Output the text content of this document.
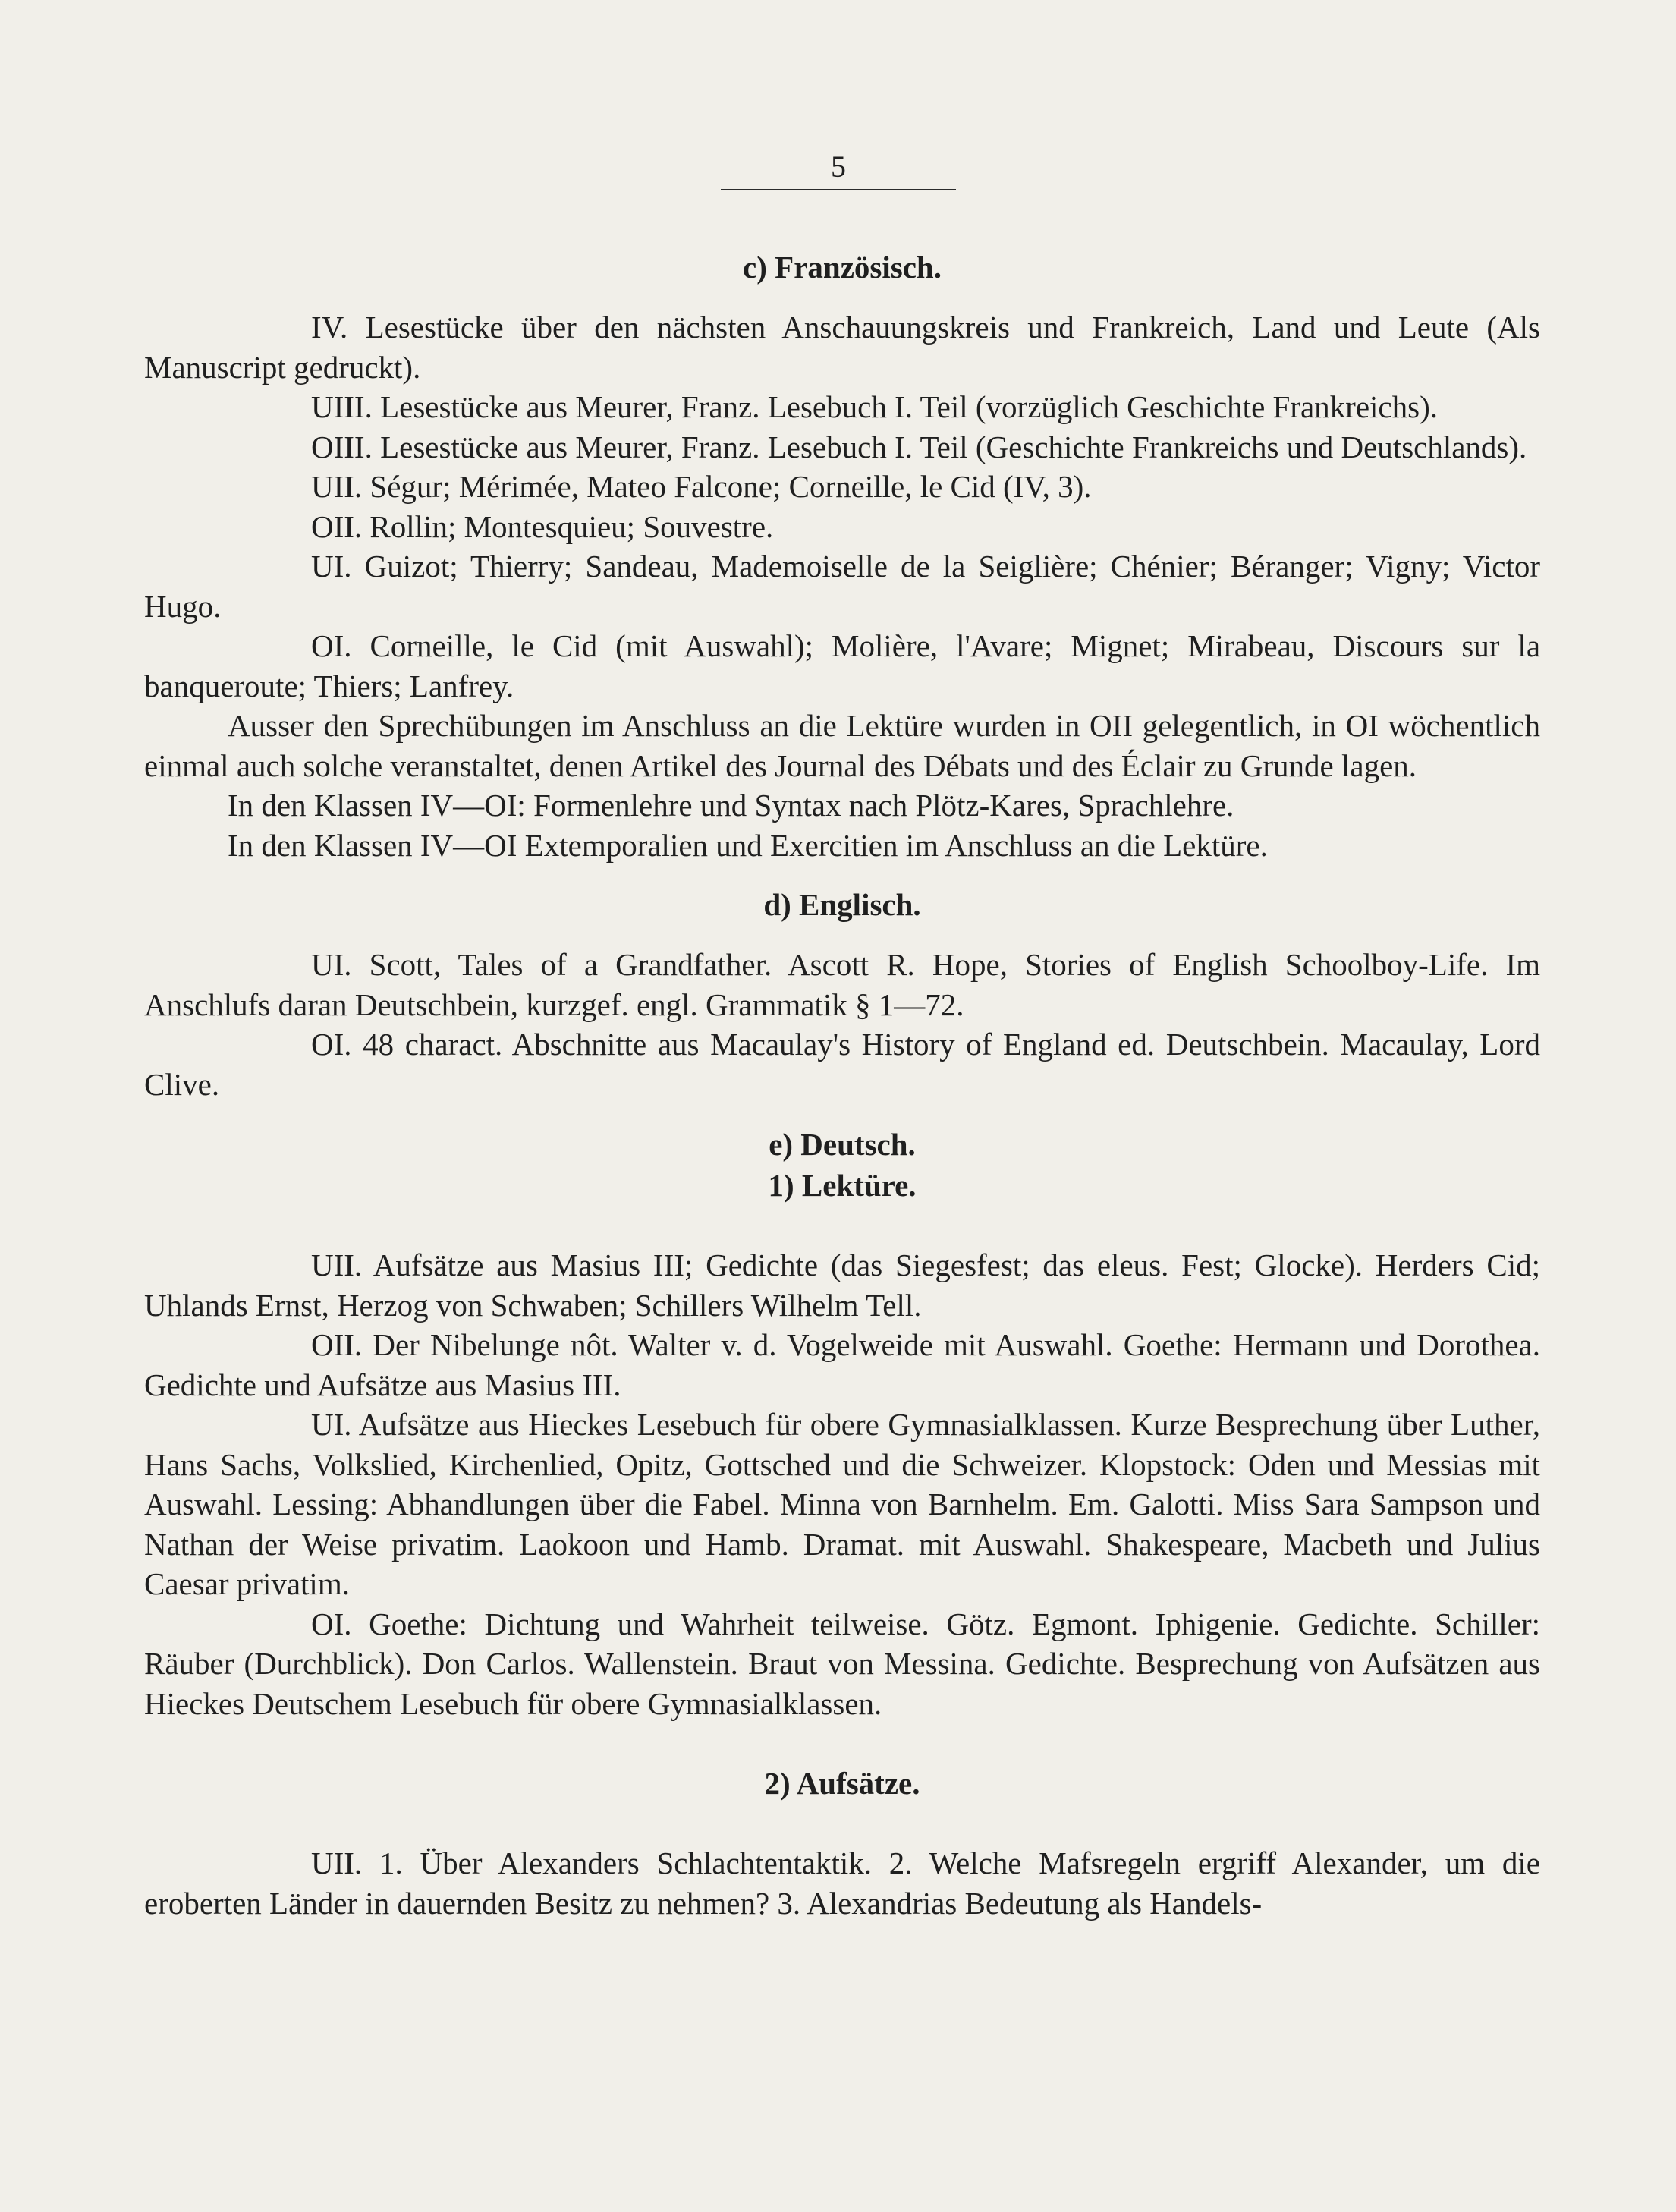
5
c) Französisch.

IV. Lesestücke über den nächsten Anschauungskreis und Frankreich, Land und Leute (Als Manuscript gedruckt).

UIII. Lesestücke aus Meurer, Franz. Lesebuch I. Teil (vorzüglich Geschichte Frankreichs).

OIII. Lesestücke aus Meurer, Franz. Lesebuch I. Teil (Geschichte Frankreichs und Deutschlands).

UII. Ségur; Mérimée, Mateo Falcone; Corneille, le Cid (IV, 3).

OII. Rollin; Montesquieu; Souvestre.

UI. Guizot; Thierry; Sandeau, Mademoiselle de la Seiglière; Chénier; Béranger; Vigny; Victor Hugo.

OI. Corneille, le Cid (mit Auswahl); Molière, l'Avare; Mignet; Mirabeau, Discours sur la banqueroute; Thiers; Lanfrey.

Ausser den Sprechübungen im Anschluss an die Lektüre wurden in OII gelegentlich, in OI wöchentlich einmal auch solche veranstaltet, denen Artikel des Journal des Débats und des Éclair zu Grunde lagen.

In den Klassen IV—OI: Formenlehre und Syntax nach Plötz-Kares, Sprachlehre.

In den Klassen IV—OI Extemporalien und Exercitien im Anschluss an die Lektüre.

d) Englisch.

UI. Scott, Tales of a Grandfather. Ascott R. Hope, Stories of English Schoolboy-Life. Im Anschlufs daran Deutschbein, kurzgef. engl. Grammatik § 1—72.

OI. 48 charact. Abschnitte aus Macaulay's History of England ed. Deutschbein. Macaulay, Lord Clive.

e) Deutsch.
1) Lektüre.

UII. Aufsätze aus Masius III; Gedichte (das Siegesfest; das eleus. Fest; Glocke). Herders Cid; Uhlands Ernst, Herzog von Schwaben; Schillers Wilhelm Tell.

OII. Der Nibelunge nôt. Walter v. d. Vogelweide mit Auswahl. Goethe: Hermann und Dorothea. Gedichte und Aufsätze aus Masius III.

UI. Aufsätze aus Hieckes Lesebuch für obere Gymnasialklassen. Kurze Besprechung über Luther, Hans Sachs, Volkslied, Kirchenlied, Opitz, Gottsched und die Schweizer. Klopstock: Oden und Messias mit Auswahl. Lessing: Abhandlungen über die Fabel. Minna von Barnhelm. Em. Galotti. Miss Sara Sampson und Nathan der Weise privatim. Laokoon und Hamb. Dramat. mit Auswahl. Shakespeare, Macbeth und Julius Caesar privatim.

OI. Goethe: Dichtung und Wahrheit teilweise. Götz. Egmont. Iphigenie. Gedichte. Schiller: Räuber (Durchblick). Don Carlos. Wallenstein. Braut von Messina. Gedichte. Besprechung von Aufsätzen aus Hieckes Deutschem Lesebuch für obere Gymnasialklassen.

2) Aufsätze.

UII. 1. Über Alexanders Schlachtentaktik. 2. Welche Mafsregeln ergriff Alexander, um die eroberten Länder in dauernden Besitz zu nehmen? 3. Alexandrias Bedeutung als Handels-
